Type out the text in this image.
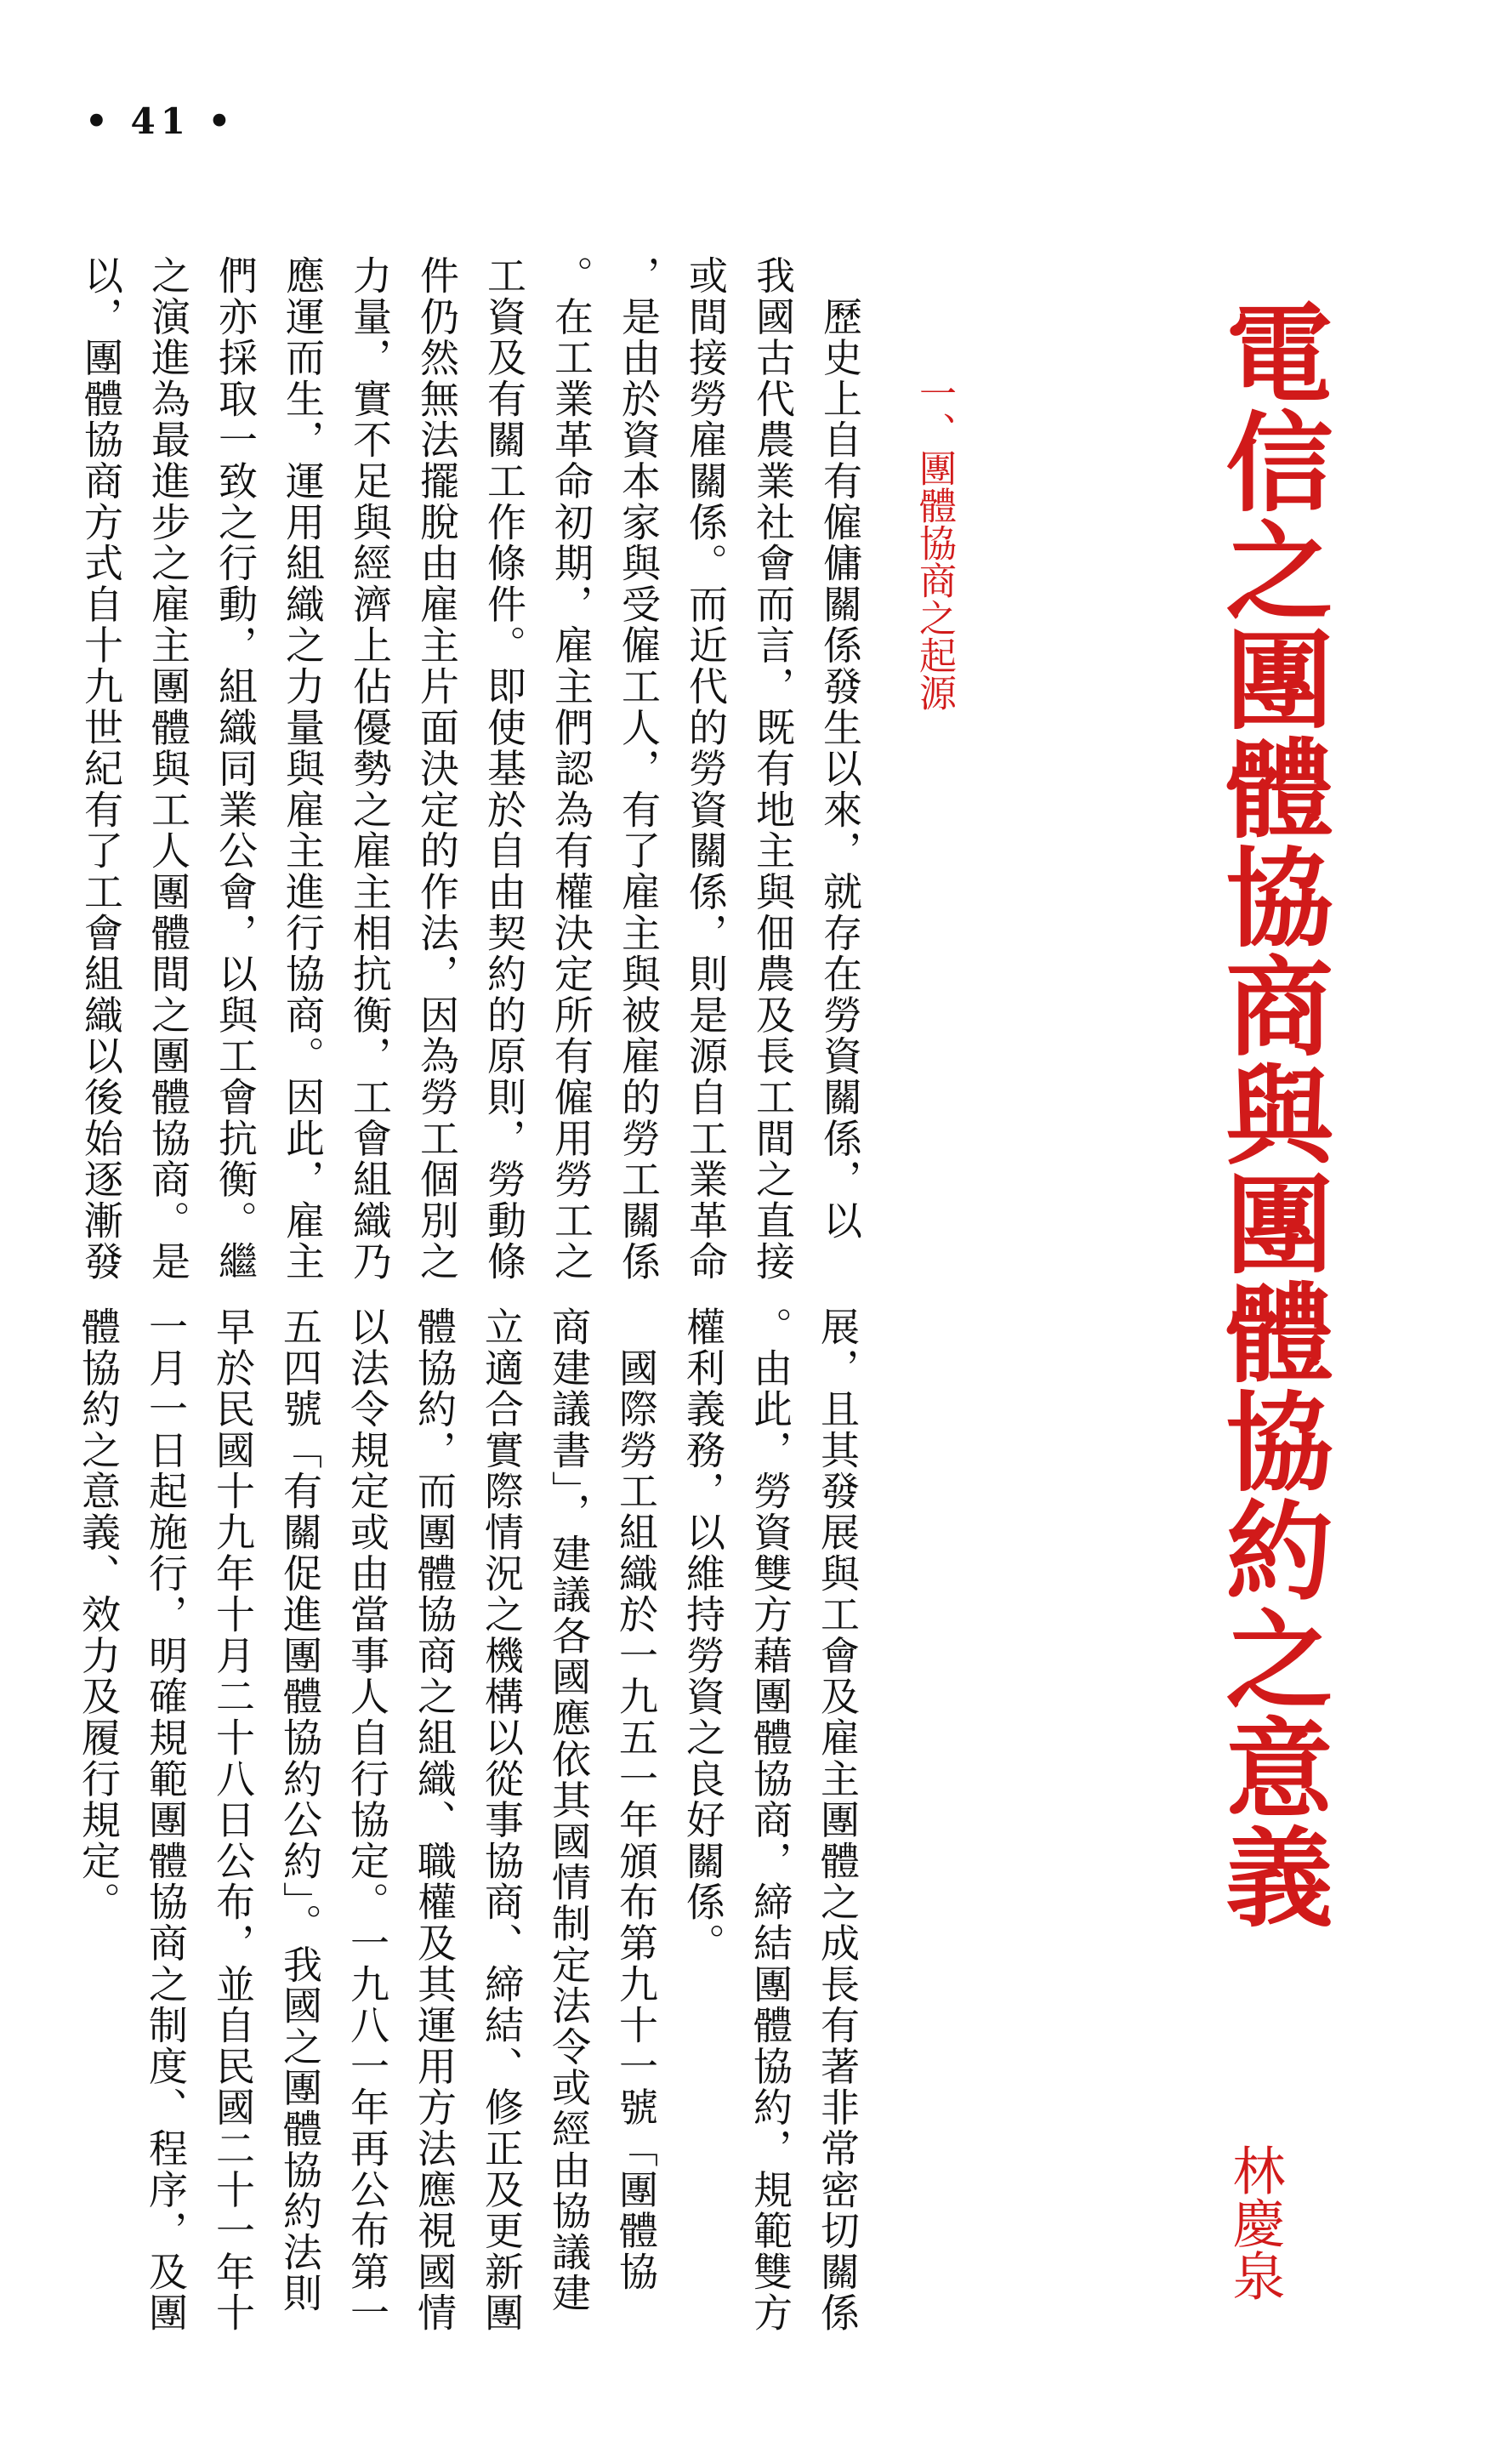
• 41 •
電信之團體協商與團體協約之意義
林慶泉
一、團體協商之起源
　歷史上自有僱傭關係發生以來，就存在勞資關係，以
我國古代農業社會而言，既有地主與佃農及長工間之直接
或間接勞雇關係。而近代的勞資關係，則是源自工業革命
，是由於資本家與受僱工人，有了雇主與被雇的勞工關係
。在工業革命初期，雇主們認為有權決定所有僱用勞工之
工資及有關工作條件。即使基於自由契約的原則，勞動條
件仍然無法擺脫由雇主片面決定的作法，因為勞工個別之
力量，實不足與經濟上佔優勢之雇主相抗衡，工會組織乃
應運而生，運用組織之力量與雇主進行協商。因此，雇主
們亦採取一致之行動，組織同業公會，以與工會抗衡。繼
之演進為最進步之雇主團體與工人團體間之團體協商。是
以，團體協商方式自十九世紀有了工會組織以後始逐漸發
展，且其發展與工會及雇主團體之成長有著非常密切關係
。由此，勞資雙方藉團體協商，締結團體協約，規範雙方
權利義務，以維持勞資之良好關係。
　國際勞工組織於一九五一年頒布第九十一號「團體協
商建議書」，建議各國應依其國情制定法令或經由協議建
立適合實際情況之機構以從事協商、締結、修正及更新團
體協約，而團體協商之組織、職權及其運用方法應視國情
以法令規定或由當事人自行協定。一九八一年再公布第一
五四號「有關促進團體協約公約」。我國之團體協約法則
早於民國十九年十月二十八日公布，並自民國二十一年十
一月一日起施行，明確規範團體協商之制度、程序，及團
體協約之意義、效力及履行規定。
